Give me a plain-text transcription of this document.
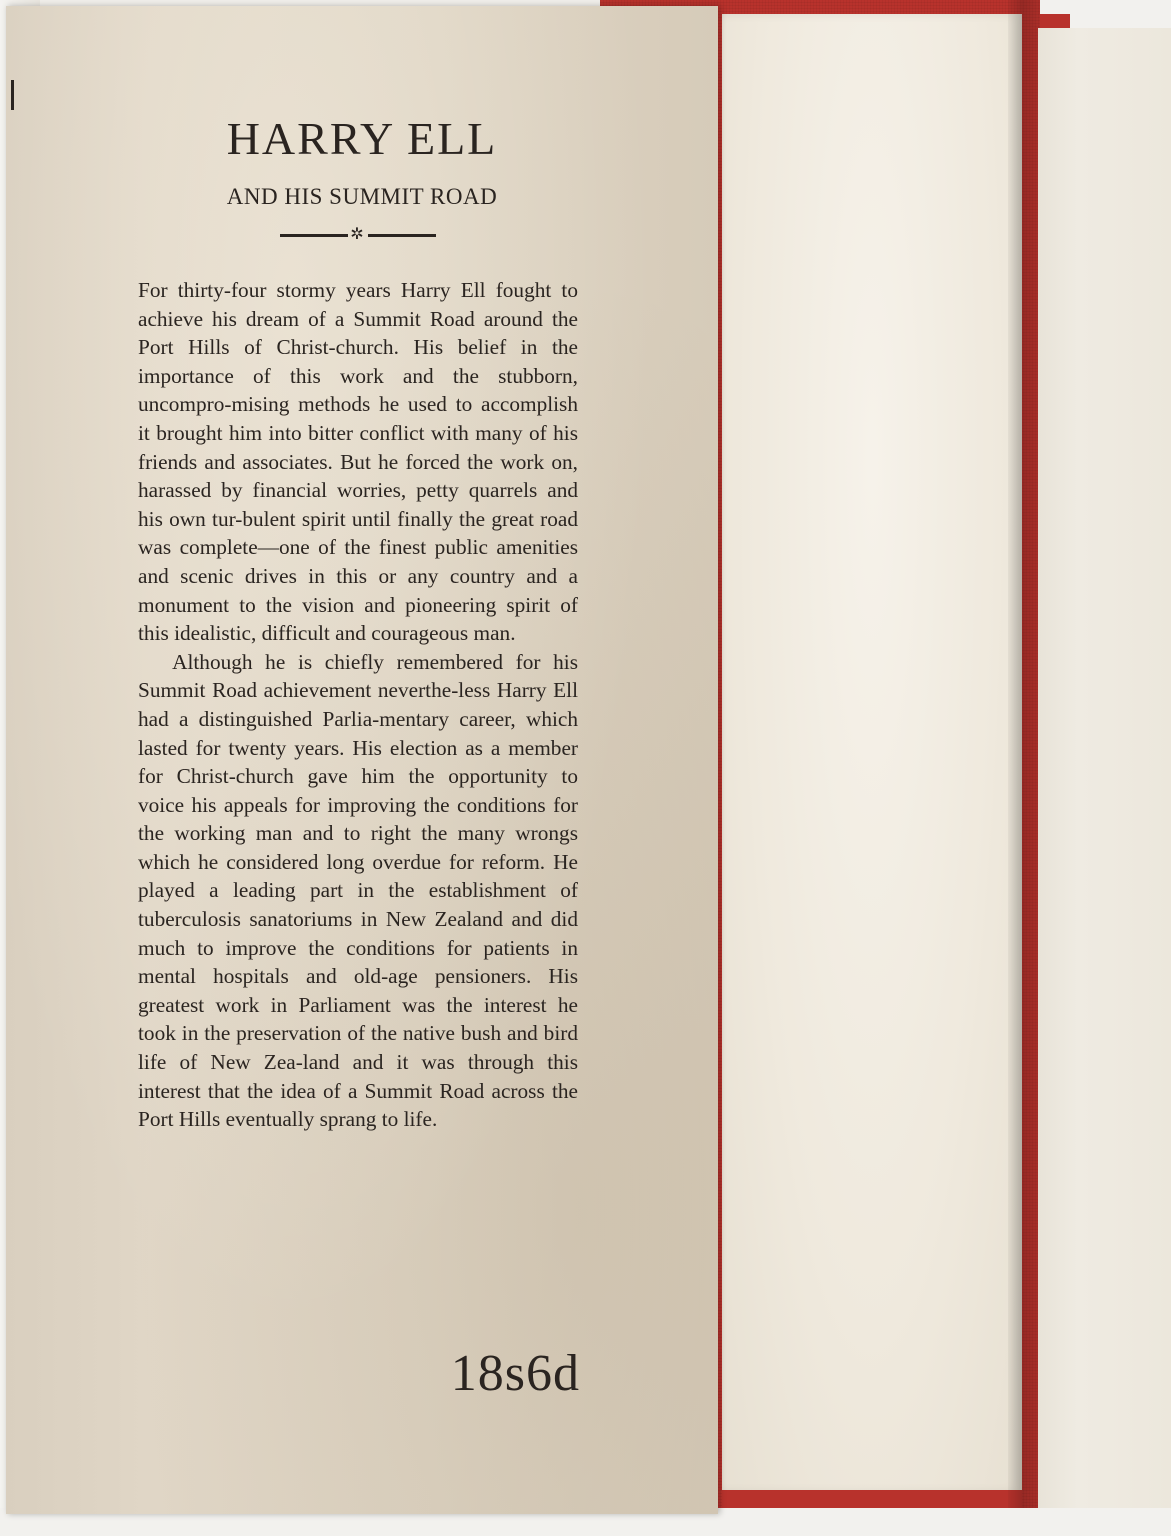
HARRY ELL
AND HIS SUMMIT ROAD
✲

For thirty-four stormy years Harry Ell fought to achieve his dream of a Summit Road around the Port Hills of Christ-church. His belief in the importance of this work and the stubborn, uncompro-mising methods he used to accomplish it brought him into bitter conflict with many of his friends and associates. But he forced the work on, harassed by financial worries, petty quarrels and his own tur-bulent spirit until finally the great road was complete—one of the finest public amenities and scenic drives in this or any country and a monument to the vision and pioneering spirit of this idealistic, difficult and courageous man.

Although he is chiefly remembered for his Summit Road achievement neverthe-less Harry Ell had a distinguished Parlia-mentary career, which lasted for twenty years. His election as a member for Christ-church gave him the opportunity to voice his appeals for improving the conditions for the working man and to right the many wrongs which he considered long overdue for reform. He played a leading part in the establishment of tuberculosis sanatoriums in New Zealand and did much to improve the conditions for patients in mental hospitals and old-age pensioners. His greatest work in Parliament was the interest he took in the preservation of the native bush and bird life of New Zea-land and it was through this interest that the idea of a Summit Road across the Port Hills eventually sprang to life.

18s6d
